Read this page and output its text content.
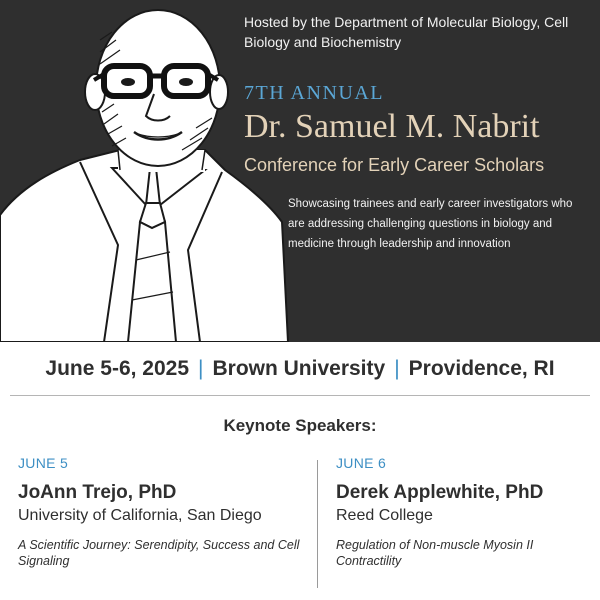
Hosted by the Department of Molecular Biology, Cell Biology and Biochemistry
7TH ANNUAL
Dr. Samuel M. Nabrit
Conference for Early Career Scholars
Showcasing trainees and early career investigators who are addressing challenging questions in biology and medicine through leadership and innovation
June 5-6, 2025 | Brown University | Providence, RI
Keynote Speakers:
JUNE 5
JoAnn Trejo, PhD
University of California, San Diego
A Scientific Journey: Serendipity, Success and Cell Signaling
JUNE 6
Derek Applewhite, PhD
Reed College
Regulation of Non-muscle Myosin II Contractility
